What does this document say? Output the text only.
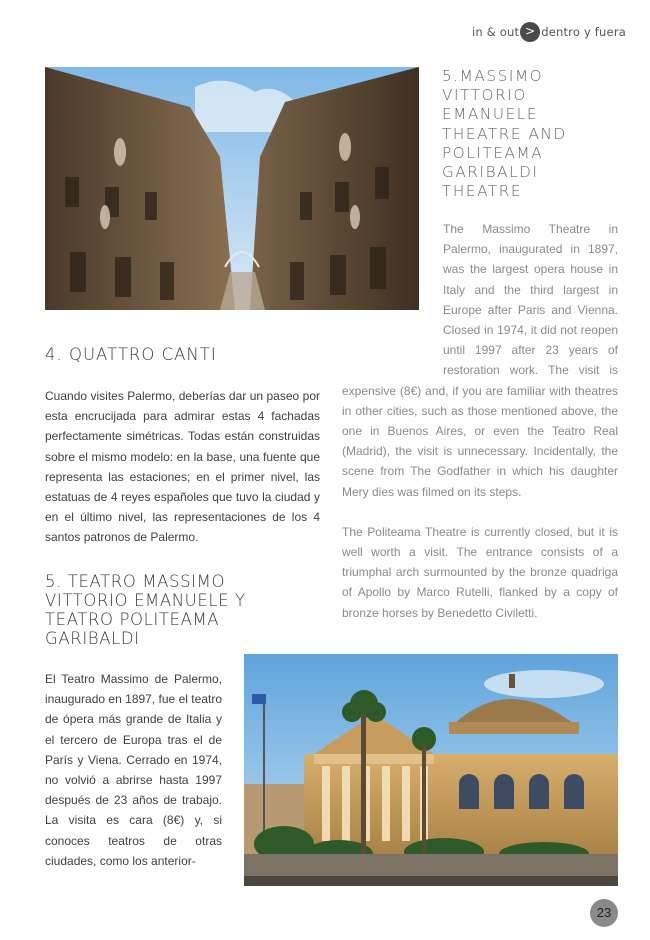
in & out > dentro y fuera
5.MASSIMO VITTORIO EMANUELE THEATRE AND POLITEAMA GARIBALDI THEATRE

The Massimo Theatre in Palermo, inaugurated in 1897, was the largest opera house in Italy and the third largest in Europe after Paris and Vienna. Closed in 1974, it did not reopen until 1997 after 23 years of restoration work. The visit is expensive (8€) and, if you are familiar with theatres in other cities, such as those mentioned above, the one in Buenos Aires, or even the Teatro Real (Madrid), the visit is unnecessary. Incidentally, the scene from The Godfather in which his daughter Mery dies was filmed on its steps.

The Politeama Theatre is currently closed, but it is well worth a visit. The entrance consists of a triumphal arch surmounted by the bronze quadriga of Apollo by Marco Rutelli, flanked by a copy of bronze horses by Benedetto Civiletti.

4. QUATTRO CANTI

Cuando visites Palermo, deberías dar un paseo por esta encrucijada para admirar estas 4 fachadas perfectamente simétricas. Todas están construidas sobre el mismo modelo: en la base, una fuente que representa las estaciones; en el primer nivel, las estatuas de 4 reyes españoles que tuvo la ciudad y en el último nivel, las representaciones de los 4 santos patronos de Palermo.

5. TEATRO MASSIMO VITTORIO EMANUELE Y TEATRO POLITEAMA GARIBALDI

El Teatro Massimo de Palermo, inaugurado en 1897, fue el teatro de ópera más grande de Italia y el tercero de Europa tras el de París y Viena. Cerrado en 1974, no volvió a abrirse hasta 1997 después de 23 años de trabajo. La visita es cara (8€) y, si conoces teatros de otras ciudades, como los anterior-

23
